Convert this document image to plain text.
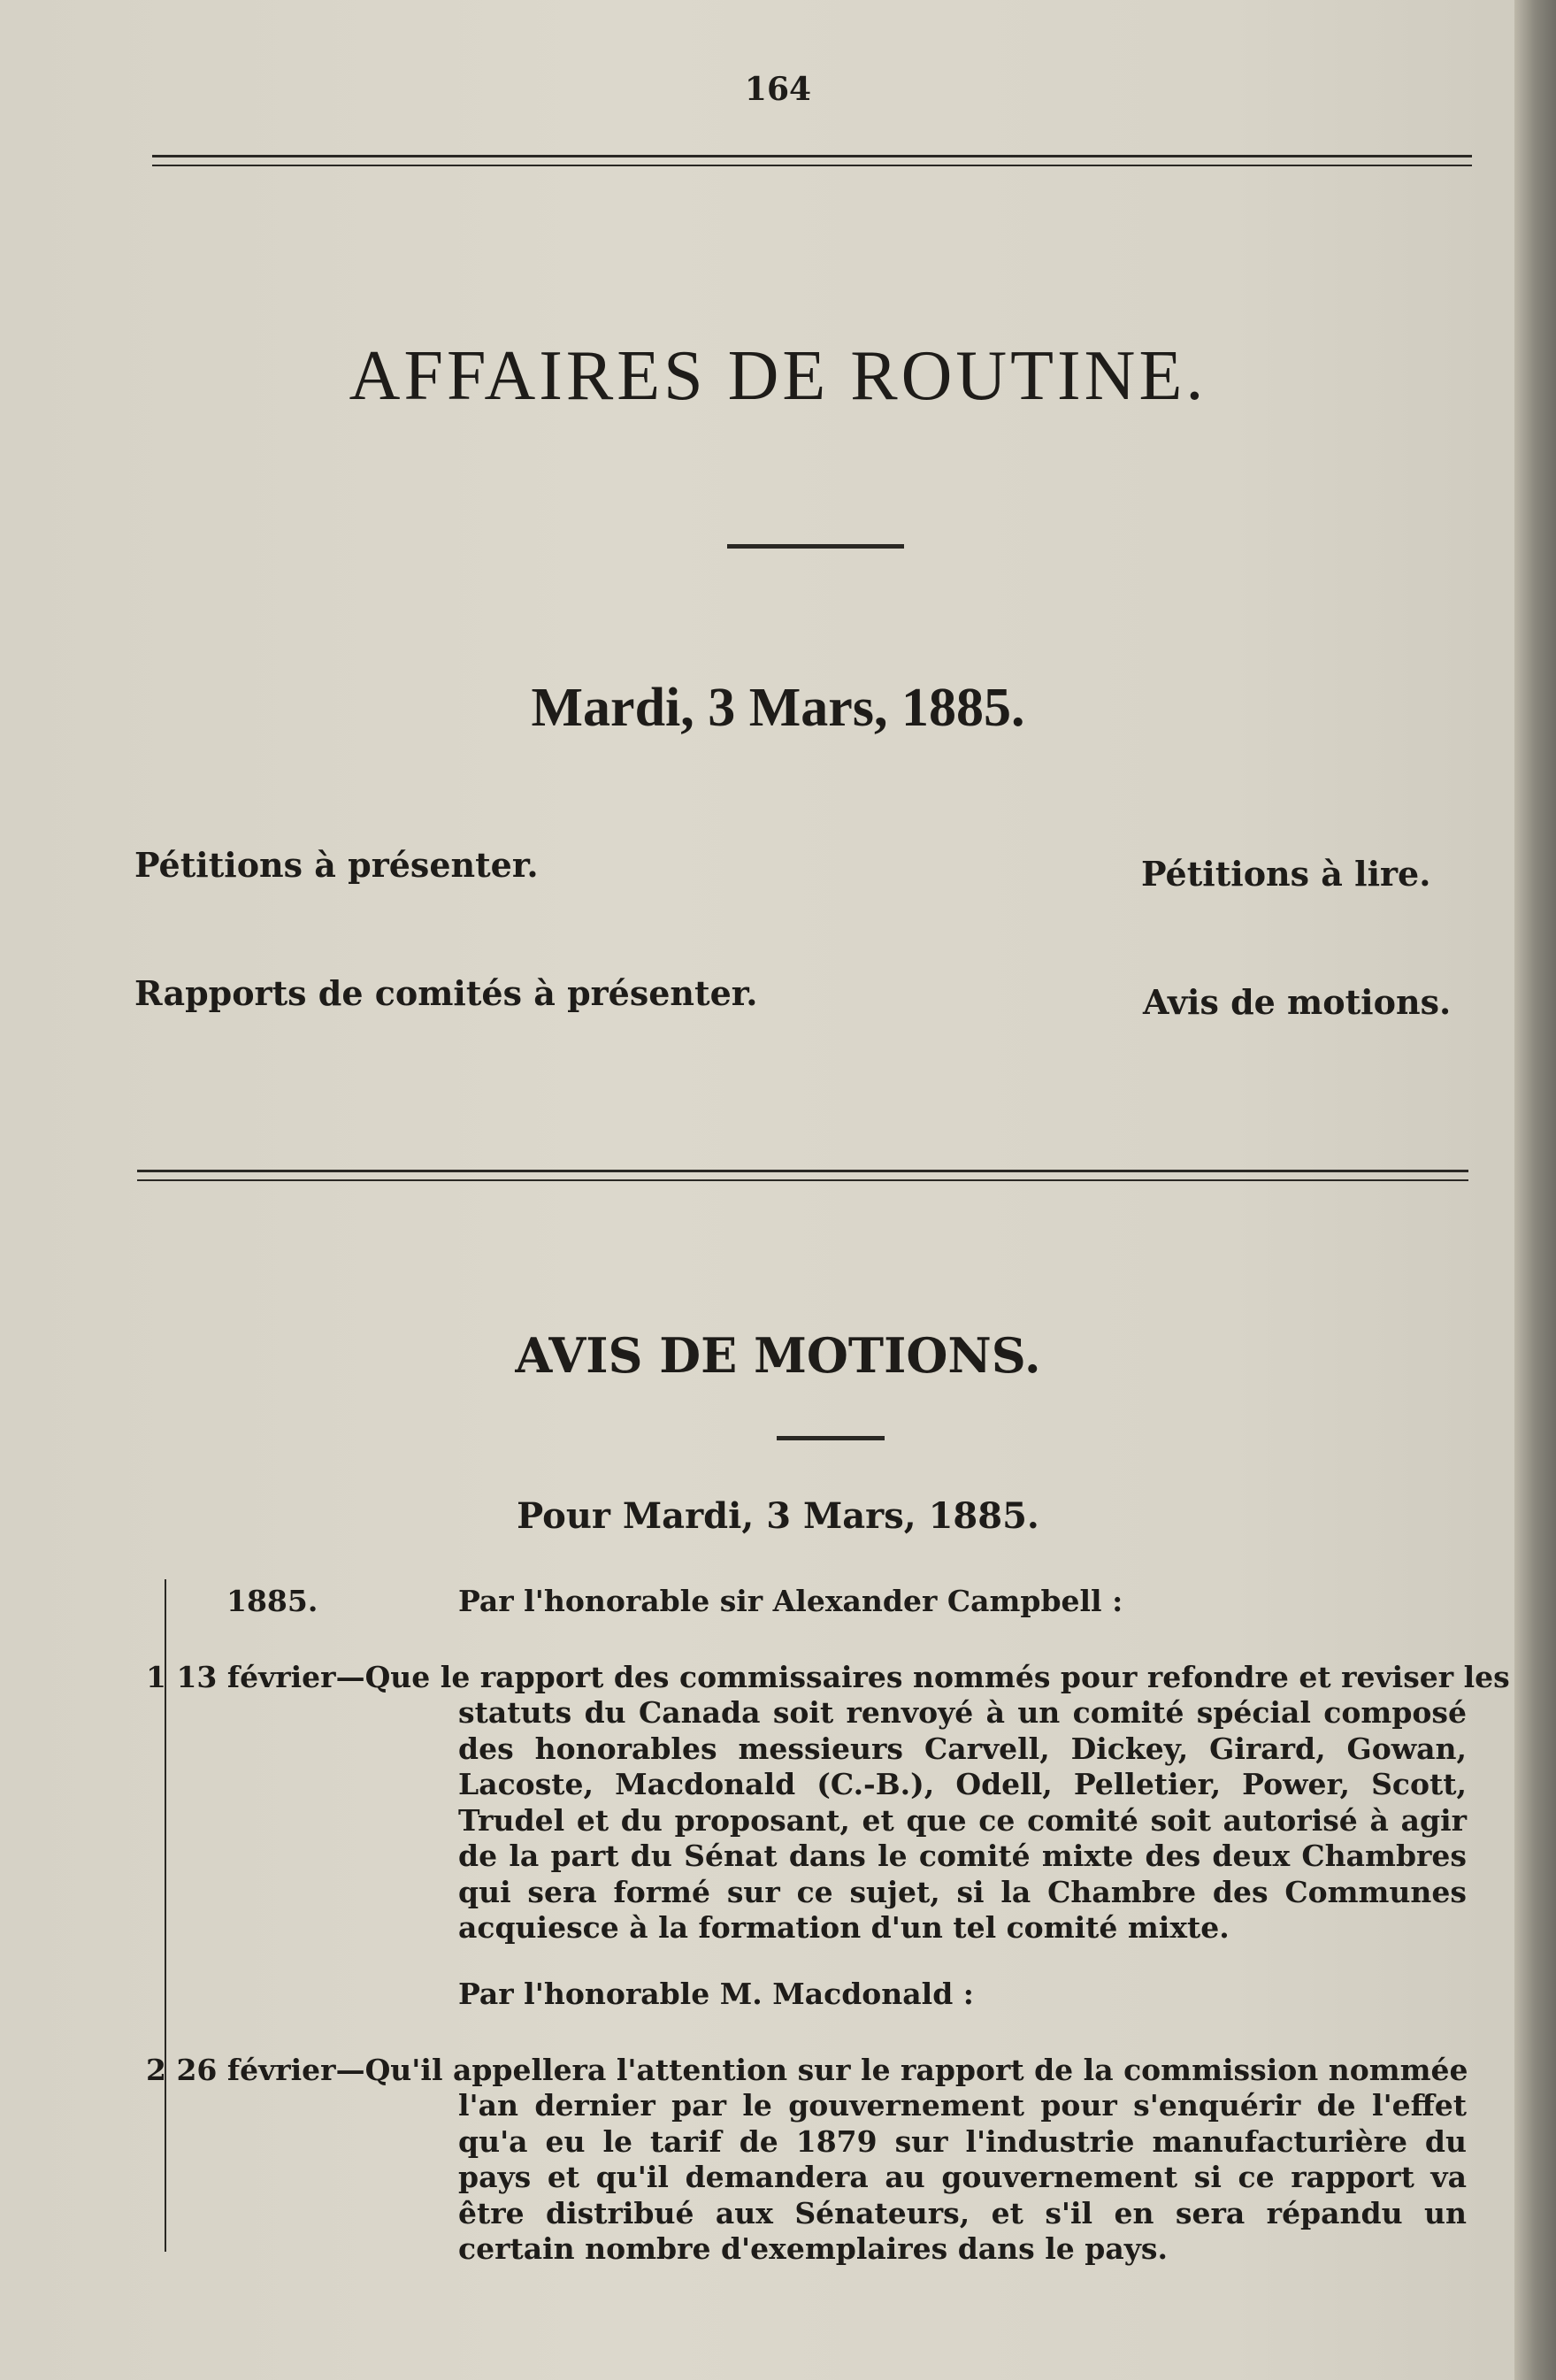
164
AFFAIRES DE ROUTINE.
Mardi, 3 Mars, 1885.
Pétitions à présenter.	Pétitions à lire.
Rapports de comités à présenter.	Avis de motions.
AVIS DE MOTIONS.
Pour Mardi, 3 Mars, 1885.
1885.	Par l'honorable sir Alexander Campbell :
1 13 février—Que le rapport des commissaires nommés pour refondre et reviser les
statuts du Canada soit renvoyé à un comité spécial composé des honorables messieurs Carvell, Dickey, Girard, Gowan, Lacoste, Macdonald (C.-B.), Odell, Pelletier, Power, Scott, Trudel et du proposant, et que ce comité soit autorisé à agir de la part du Sénat dans le comité mixte des deux Chambres qui sera formé sur ce sujet, si la Chambre des Communes acquiesce à la formation d'un tel comité mixte.
Par l'honorable M. Macdonald :
2 26 février—Qu'il appellera l'attention sur le rapport de la commission nommée
l'an dernier par le gouvernement pour s'enquérir de l'effet qu'a eu le tarif de 1879 sur l'industrie manufacturière du pays et qu'il demandera au gouvernement si ce rapport va être distribué aux Sénateurs, et s'il en sera répandu un certain nombre d'exemplaires dans le pays.
